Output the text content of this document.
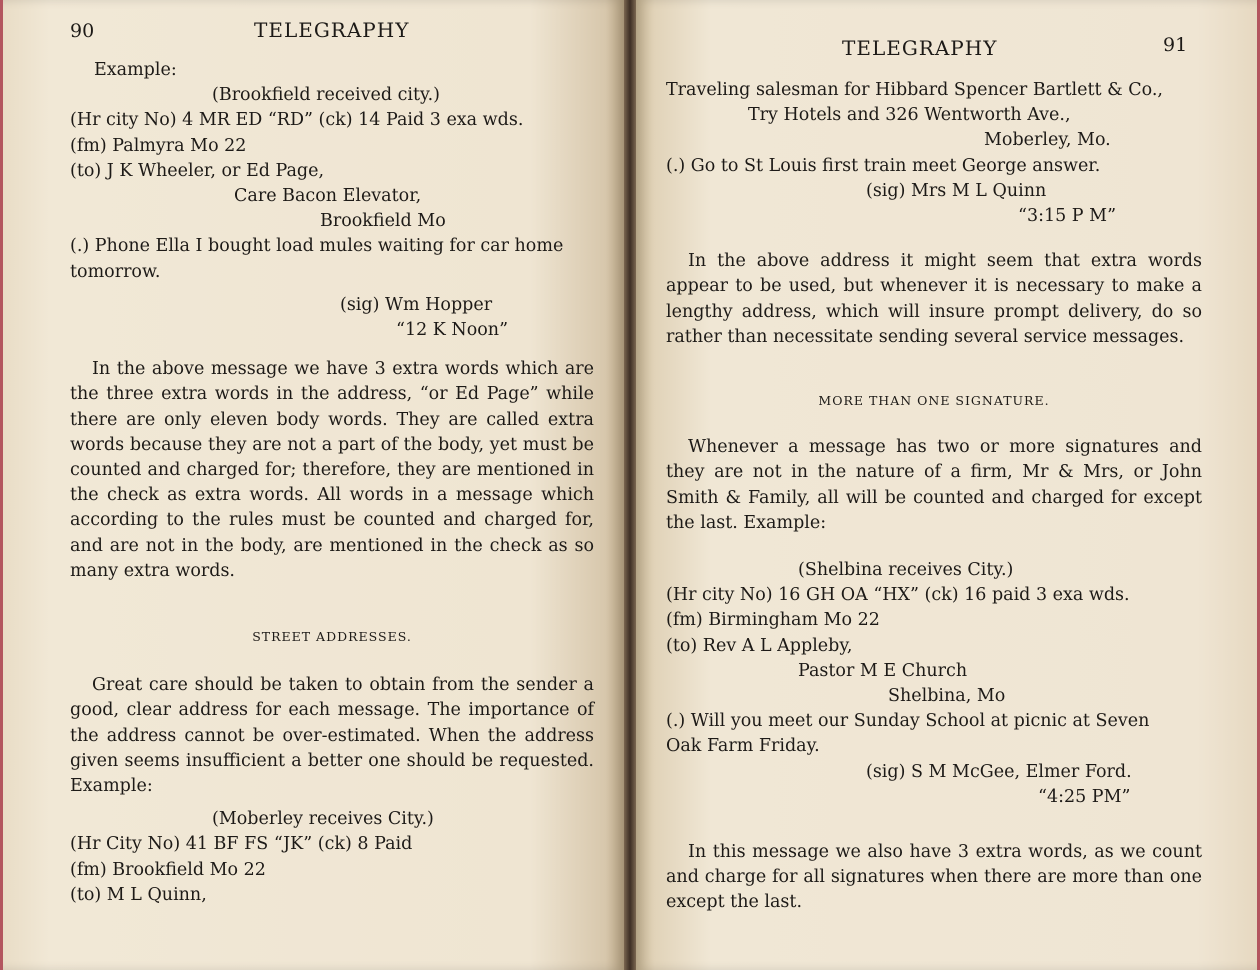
90	TELEGRAPHY
Example:
(Brookfield received city.)
(Hr city No) 4 MR ED “RD” (ck) 14 Paid 3 exa wds.
(fm) Palmyra Mo 22
(to) J K Wheeler, or Ed Page,
Care Bacon Elevator,
Brookfield Mo
(.) Phone Ella I bought load mules waiting for car home
tomorrow.
(sig) Wm Hopper
“12 K Noon”

In the above message we have 3 extra words which are the three extra words in the address, “or Ed Page” while there are only eleven body words. They are called extra words because they are not a part of the body, yet must be counted and charged for; therefore, they are mentioned in the check as extra words. All words in a message which according to the rules must be counted and charged for, and are not in the body, are mentioned in the check as so many extra words.

STREET ADDRESSES.

Great care should be taken to obtain from the sender a good, clear address for each message. The importance of the address cannot be over-estimated. When the address given seems insufficient a better one should be requested. Example:

(Moberley receives City.)
(Hr City No) 41 BF FS “JK” (ck) 8 Paid
(fm) Brookfield Mo 22
(to) M L Quinn,
TELEGRAPHY	91
Traveling salesman for Hibbard Spencer Bartlett & Co.,
Try Hotels and 326 Wentworth Ave.,
Moberley, Mo.
(.) Go to St Louis first train meet George answer.
(sig) Mrs M L Quinn
“3:15 P M”

In the above address it might seem that extra words appear to be used, but whenever it is necessary to make a lengthy address, which will insure prompt delivery, do so rather than necessitate sending several service messages.

MORE THAN ONE SIGNATURE.

Whenever a message has two or more signatures and they are not in the nature of a firm, Mr & Mrs, or John Smith & Family, all will be counted and charged for except the last. Example:

(Shelbina receives City.)
(Hr city No) 16 GH OA “HX” (ck) 16 paid 3 exa wds.
(fm) Birmingham Mo 22
(to) Rev A L Appleby,
Pastor M E Church
Shelbina, Mo
(.) Will you meet our Sunday School at picnic at Seven
Oak Farm Friday.
(sig) S M McGee, Elmer Ford.
“4:25 PM”

In this message we also have 3 extra words, as we count and charge for all signatures when there are more than one except the last.
